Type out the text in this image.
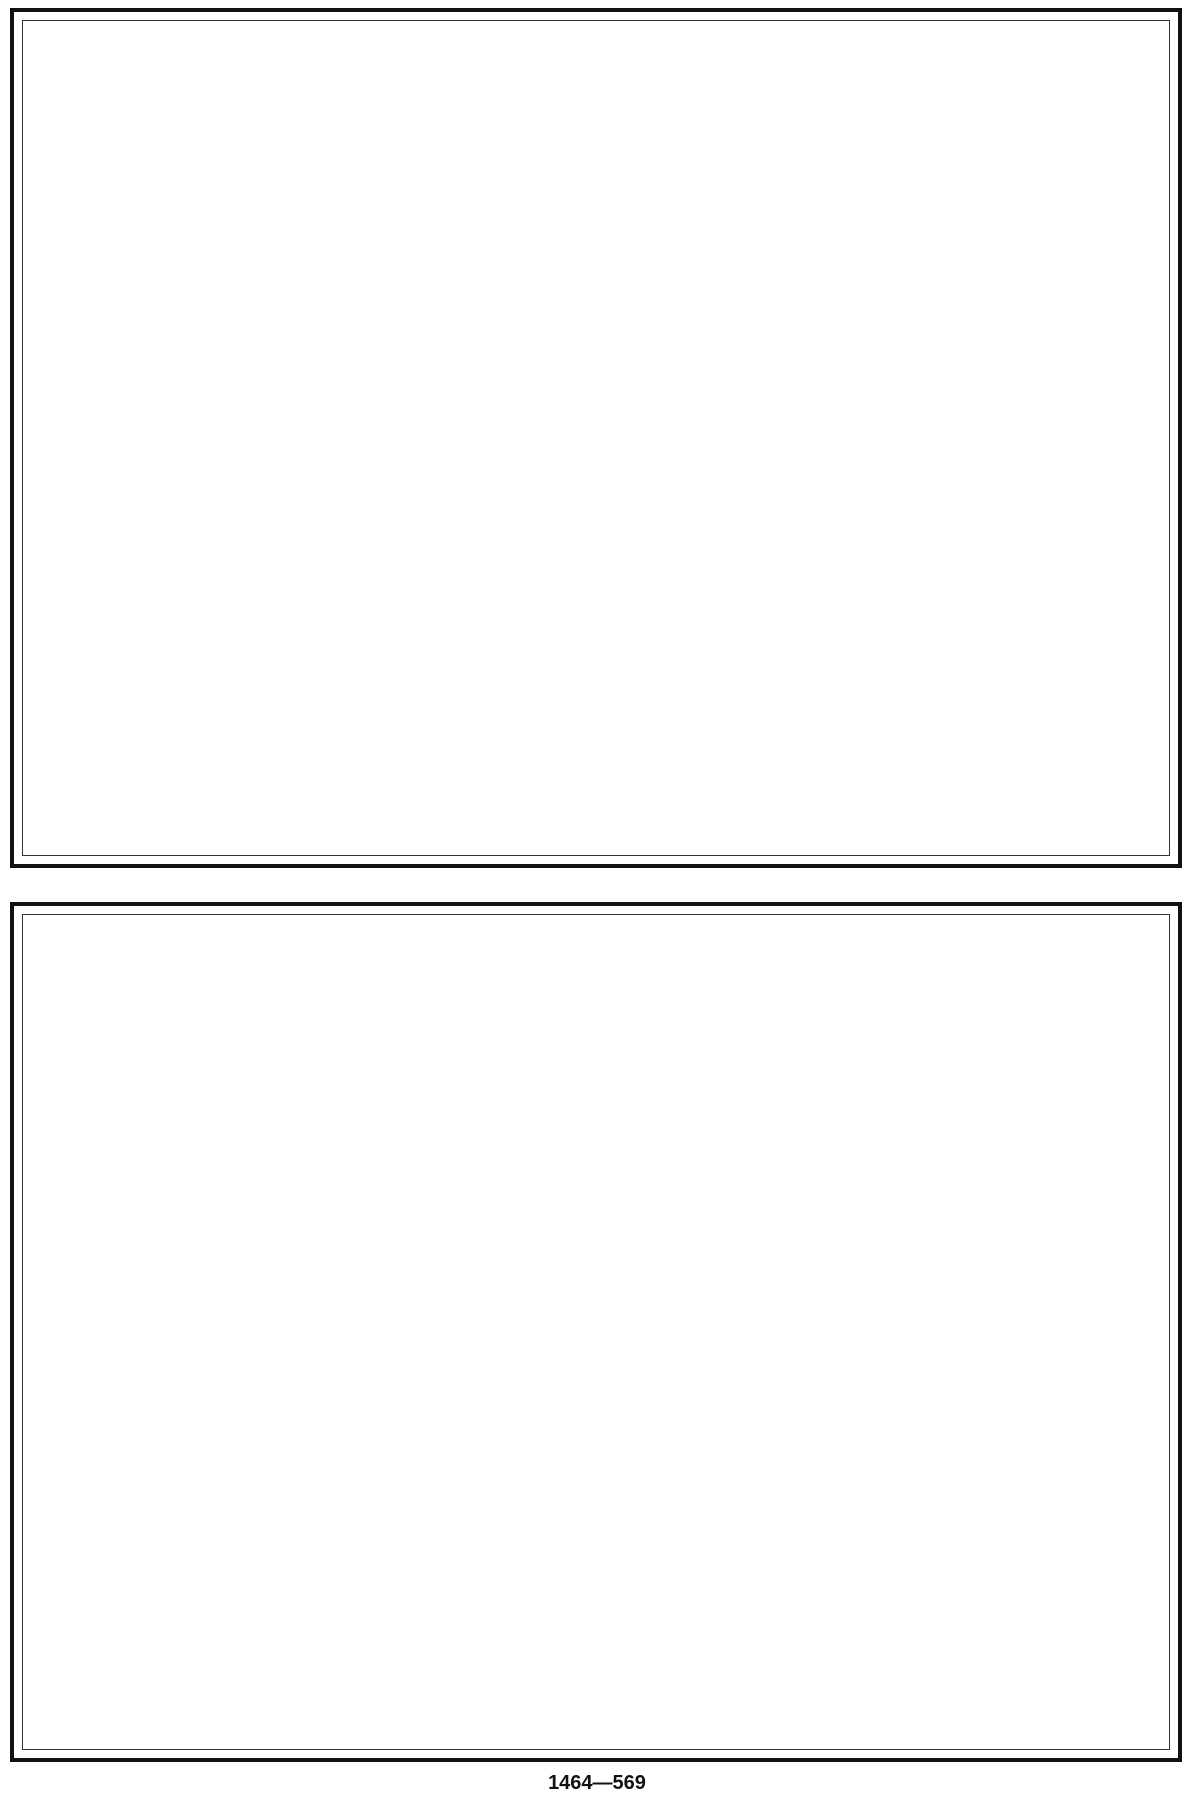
1464—569
